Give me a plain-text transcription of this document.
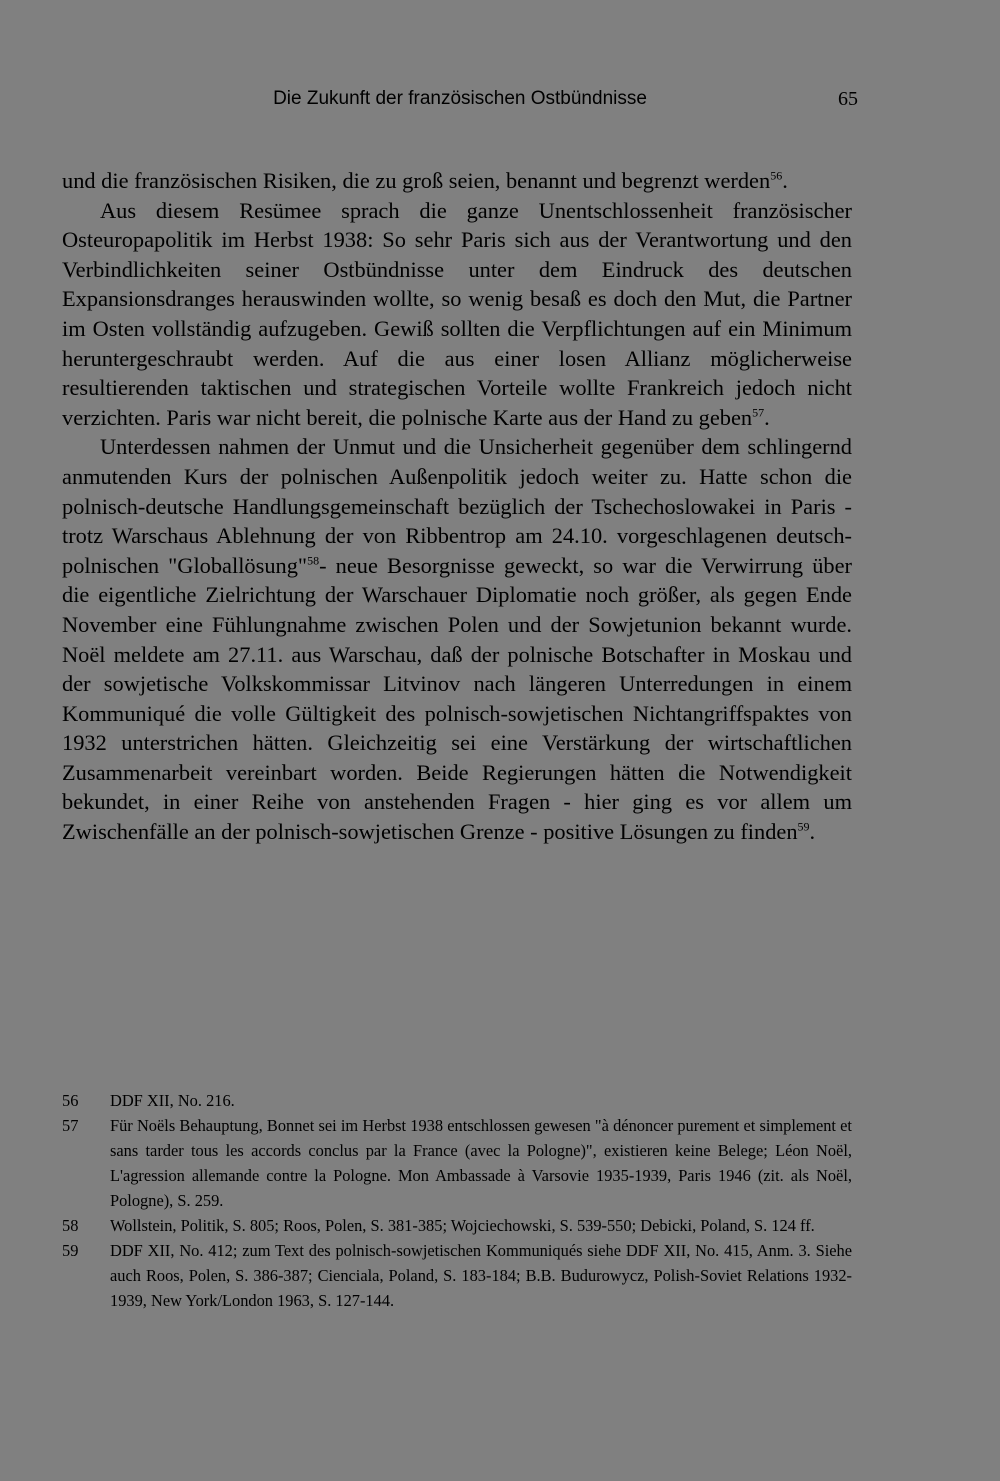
Die Zukunft der französischen Ostbündnisse	65

und die französischen Risiken, die zu groß seien, benannt und begrenzt werden$^{56}$.

Aus diesem Resümee sprach die ganze Unentschlossenheit französischer Osteuropapolitik im Herbst 1938: So sehr Paris sich aus der Verantwortung und den Verbindlichkeiten seiner Ostbündnisse unter dem Eindruck des deutschen Expansionsdranges herauswinden wollte, so wenig besaß es doch den Mut, die Partner im Osten vollständig aufzugeben. Gewiß sollten die Verpflichtungen auf ein Minimum heruntergeschraubt werden. Auf die aus einer losen Allianz möglicherweise resultierenden taktischen und strategischen Vorteile wollte Frankreich jedoch nicht verzichten. Paris war nicht bereit, die polnische Karte aus der Hand zu geben$^{57}$.

Unterdessen nahmen der Unmut und die Unsicherheit gegenüber dem schlingernd anmutenden Kurs der polnischen Außenpolitik jedoch weiter zu. Hatte schon die polnisch-deutsche Handlungsgemeinschaft bezüglich der Tschechoslowakei in Paris - trotz Warschaus Ablehnung der von Ribbentrop am 24.10. vorgeschlagenen deutsch-polnischen "Globallösung"$^{58}$- neue Besorgnisse geweckt, so war die Verwirrung über die eigentliche Zielrichtung der Warschauer Diplomatie noch größer, als gegen Ende November eine Fühlungnahme zwischen Polen und der Sowjetunion bekannt wurde. Noël meldete am 27.11. aus Warschau, daß der polnische Botschafter in Moskau und der sowjetische Volkskommissar Litvinov nach längeren Unterredungen in einem Kommuniqué die volle Gültigkeit des polnisch-sowjetischen Nichtangriffspaktes von 1932 unterstrichen hätten. Gleichzeitig sei eine Verstärkung der wirtschaftlichen Zusammenarbeit vereinbart worden. Beide Regierungen hätten die Notwendigkeit bekundet, in einer Reihe von anstehenden Fragen - hier ging es vor allem um Zwischenfälle an der polnisch-sowjetischen Grenze - positive Lösungen zu finden$^{59}$.

56	DDF XII, No. 216.
57	Für Noëls Behauptung, Bonnet sei im Herbst 1938 entschlossen gewesen "à dénoncer purement et simplement et sans tarder tous les accords conclus par la France (avec la Pologne)", existieren keine Belege; Léon Noël, L'agression allemande contre la Pologne. Mon Ambassade à Varsovie 1935-1939, Paris 1946 (zit. als Noël, Pologne), S. 259.
58	Wollstein, Politik, S. 805; Roos, Polen, S. 381-385; Wojciechowski, S. 539-550; Debicki, Poland, S. 124 ff.
59	DDF XII, No. 412; zum Text des polnisch-sowjetischen Kommuniqués siehe DDF XII, No. 415, Anm. 3. Siehe auch Roos, Polen, S. 386-387; Cienciala, Poland, S. 183-184; B.B. Budurowycz, Polish-Soviet Relations 1932-1939, New York/London 1963, S. 127-144.
